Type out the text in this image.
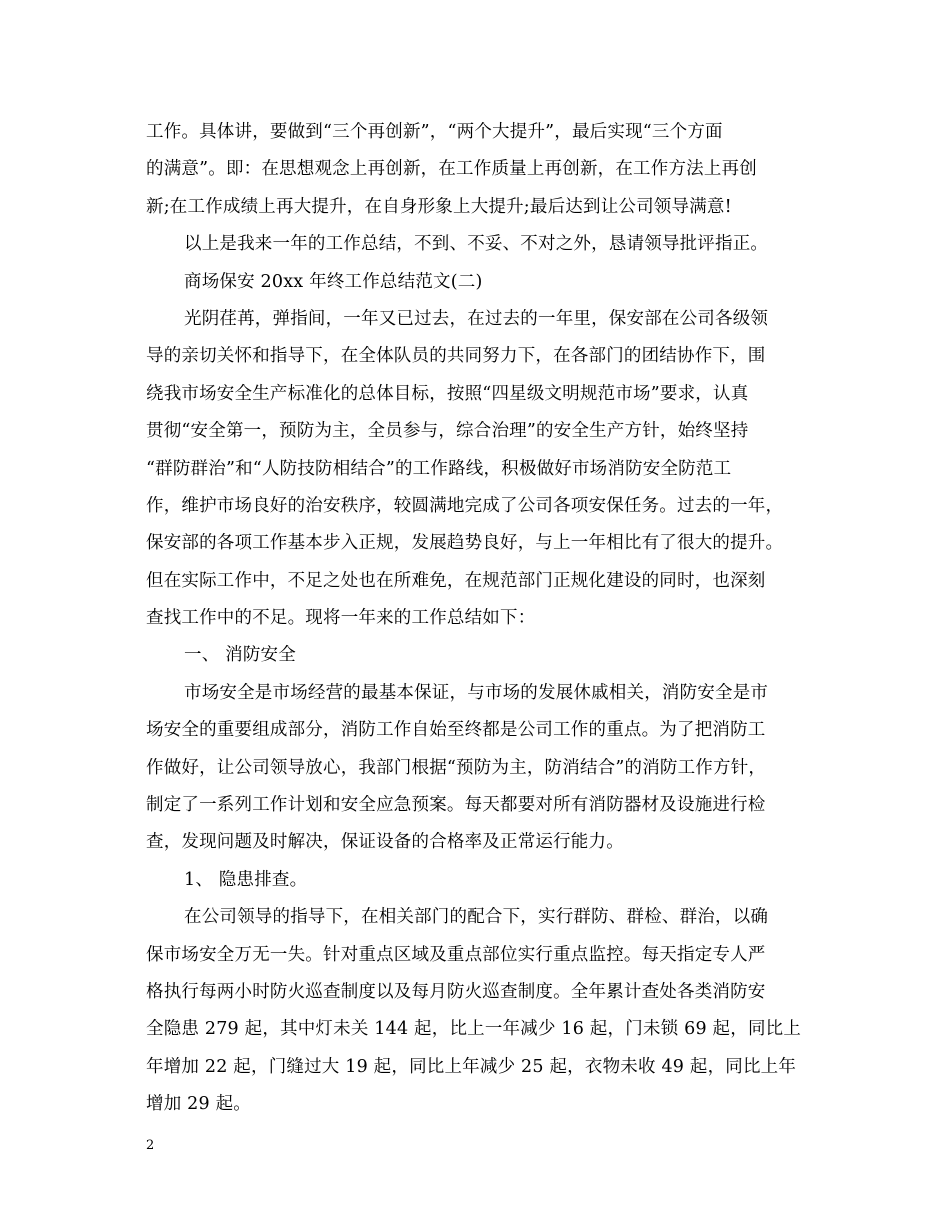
工作。具体讲，要做到“三个再创新”，“两个大提升”，最后实现“三个方面
的满意”。即：在思想观念上再创新，在工作质量上再创新，在工作方法上再创
新;在工作成绩上再大提升，在自身形象上大提升;最后达到让公司领导满意!
以上是我来一年的工作总结，不到、不妥、不对之外，恳请领导批评指正。
商场保安 20xx 年终工作总结范文(二)
光阴荏苒，弹指间，一年又已过去，在过去的一年里，保安部在公司各级领
导的亲切关怀和指导下，在全体队员的共同努力下，在各部门的团结协作下，围
绕我市场安全生产标准化的总体目标，按照“四星级文明规范市场”要求，认真
贯彻“安全第一，预防为主，全员参与，综合治理”的安全生产方针，始终坚持
“群防群治”和“人防技防相结合”的工作路线，积极做好市场消防安全防范工
作，维护市场良好的治安秩序，较圆满地完成了公司各项安保任务。过去的一年，
保安部的各项工作基本步入正规，发展趋势良好，与上一年相比有了很大的提升。
但在实际工作中，不足之处也在所难免，在规范部门正规化建设的同时，也深刻
查找工作中的不足。现将一年来的工作总结如下：
一、 消防安全
市场安全是市场经营的最基本保证，与市场的发展休戚相关，消防安全是市
场安全的重要组成部分，消防工作自始至终都是公司工作的重点。为了把消防工
作做好，让公司领导放心，我部门根据“预防为主，防消结合”的消防工作方针，
制定了一系列工作计划和安全应急预案。每天都要对所有消防器材及设施进行检
查，发现问题及时解决，保证设备的合格率及正常运行能力。
1、 隐患排查。
在公司领导的指导下，在相关部门的配合下，实行群防、群检、群治，以确
保市场安全万无一失。针对重点区域及重点部位实行重点监控。每天指定专人严
格执行每两小时防火巡查制度以及每月防火巡查制度。全年累计查处各类消防安
全隐患 279 起，其中灯未关 144 起，比上一年减少 16 起，门未锁 69 起，同比上
年增加 22 起，门缝过大 19 起，同比上年减少 25 起，衣物未收 49 起，同比上年
增加 29 起。
2
